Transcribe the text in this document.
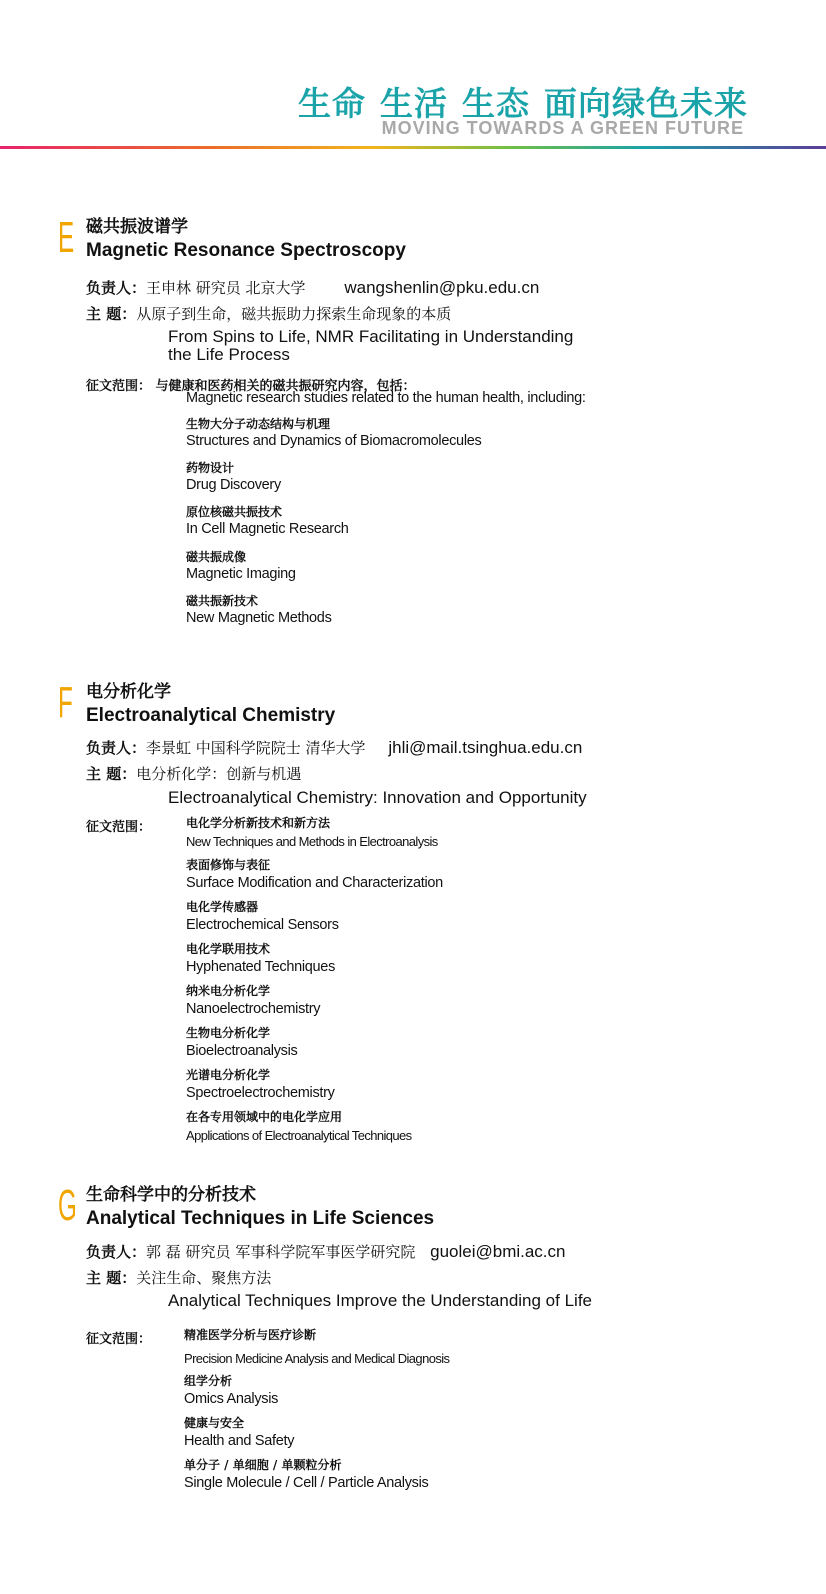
生命 生活 生态 面向绿色未来
MOVING TOWARDS A GREEN FUTURE
E 磁共振波谱学
Magnetic Resonance Spectroscopy
负责人：王申林 研究员 北京大学 wangshenlin@pku.edu.cn
主 题：从原子到生命，磁共振助力探索生命现象的本质
From Spins to Life, NMR Facilitating in Understanding
the Life Process
征文范围： 与健康和医药相关的磁共振研究内容，包括：
Magnetic research studies related to the human health, including:
生物大分子动态结构与机理
Structures and Dynamics of Biomacromolecules
药物设计
Drug Discovery
原位核磁共振技术
In Cell Magnetic Research
磁共振成像
Magnetic Imaging
磁共振新技术
New Magnetic Methods
F 电分析化学
Electroanalytical Chemistry
负责人：李景虹 中国科学院院士 清华大学 jhli@mail.tsinghua.edu.cn
主 题：电分析化学：创新与机遇
Electroanalytical Chemistry: Innovation and Opportunity
征文范围：	电化学分析新技术和新方法
New Techniques and Methods in Electroanalysis
表面修饰与表征
Surface Modification and Characterization
电化学传感器
Electrochemical Sensors
电化学联用技术
Hyphenated Techniques
纳米电分析化学
Nanoelectrochemistry
生物电分析化学
Bioelectroanalysis
光谱电分析化学
Spectroelectrochemistry
在各专用领域中的电化学应用
Applications of Electroanalytical Techniques
G 生命科学中的分析技术
Analytical Techniques in Life Sciences
负责人：郭 磊 研究员 军事科学院军事医学研究院 guolei@bmi.ac.cn
主 题：关注生命、聚焦方法
Analytical Techniques Improve the Understanding of Life
征文范围：	精准医学分析与医疗诊断
Precision Medicine Analysis and Medical Diagnosis
组学分析
Omics Analysis
健康与安全
Health and Safety
单分子 / 单细胞 / 单颗粒分析
Single Molecule / Cell / Particle Analysis
